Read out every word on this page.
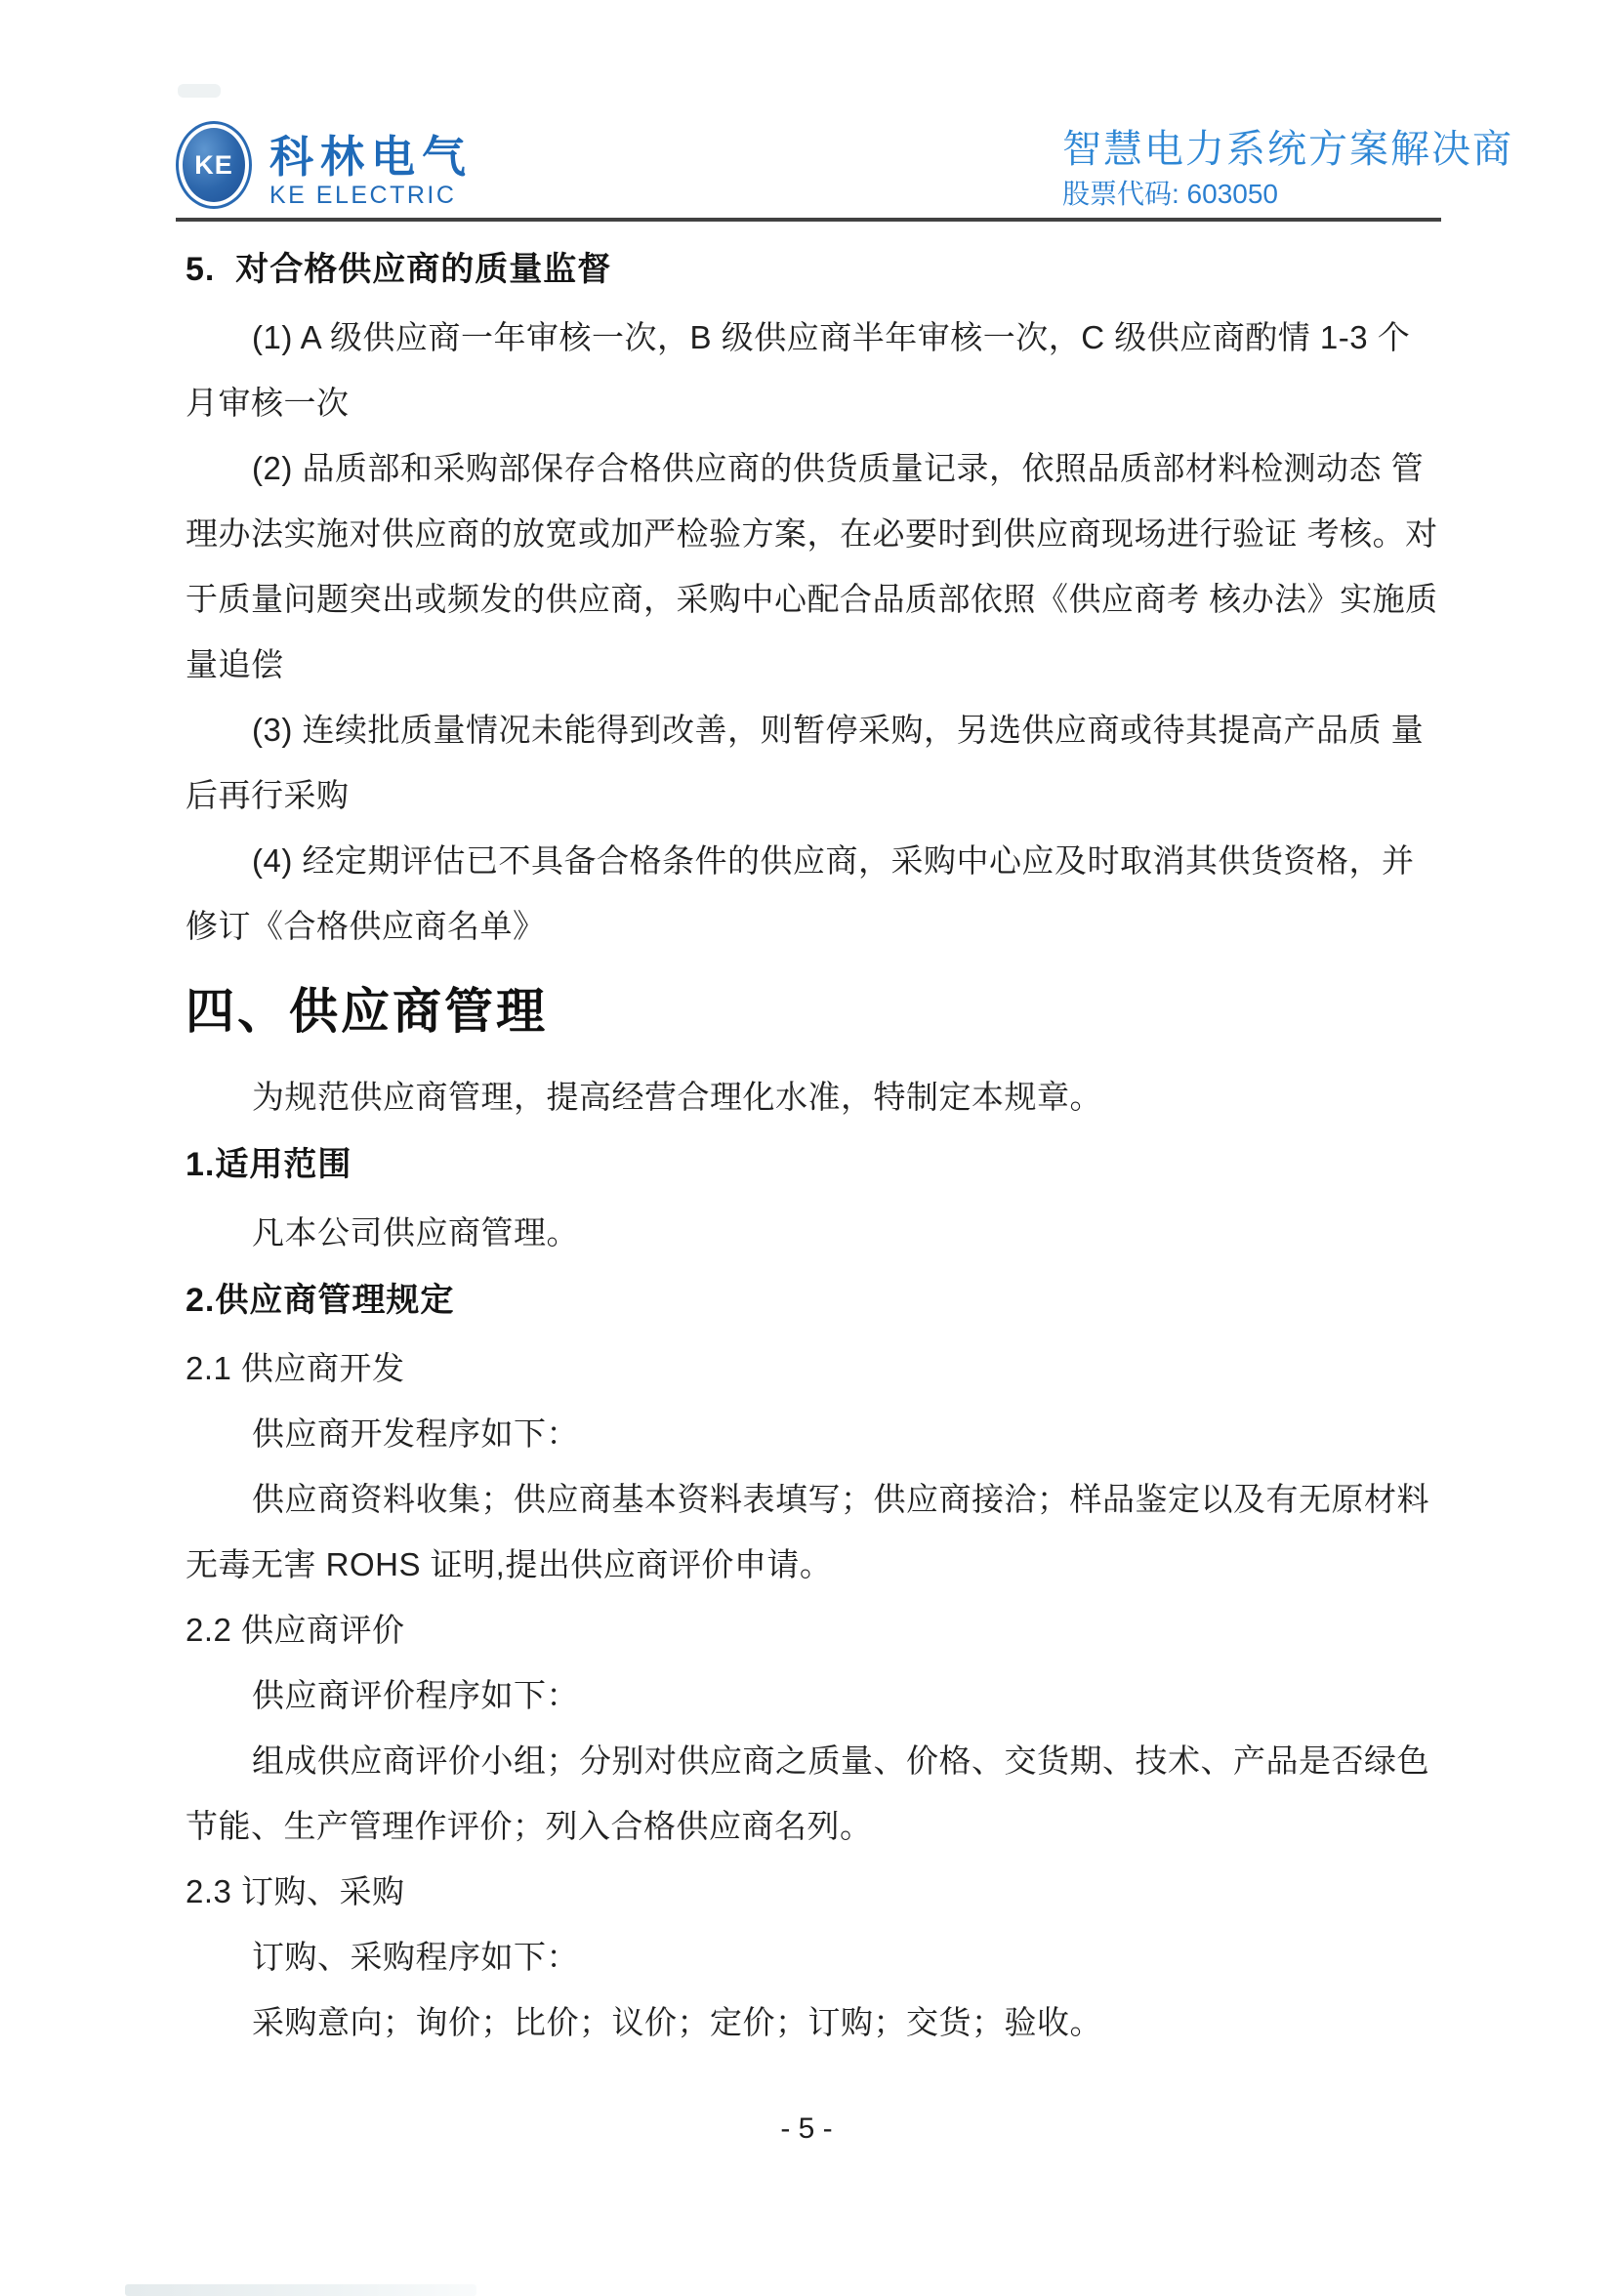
KE 科林电气
KE ELECTRIC
智慧电力系统方案解决商
股票代码: 603050
5.  对合格供应商的质量监督
(1) A 级供应商一年审核一次，B 级供应商半年审核一次，C 级供应商酌情 1-3 个
月审核一次
(2) 品质部和采购部保存合格供应商的供货质量记录，依照品质部材料检测动态 管
理办法实施对供应商的放宽或加严检验方案，在必要时到供应商现场进行验证 考核。对
于质量问题突出或频发的供应商，采购中心配合品质部依照《供应商考 核办法》实施质
量追偿
(3) 连续批质量情况未能得到改善，则暂停采购，另选供应商或待其提高产品质 量
后再行采购
(4) 经定期评估已不具备合格条件的供应商，采购中心应及时取消其供货资格，并
修订《合格供应商名单》
四、供应商管理
为规范供应商管理，提高经营合理化水准，特制定本规章。
1.适用范围
凡本公司供应商管理。
2.供应商管理规定
2.1 供应商开发
供应商开发程序如下：
供应商资料收集；供应商基本资料表填写；供应商接洽；样品鉴定以及有无原材料
无毒无害 ROHS 证明,提出供应商评价申请。
2.2 供应商评价
供应商评价程序如下：
组成供应商评价小组；分别对供应商之质量、价格、交货期、技术、产品是否绿色
节能、生产管理作评价；列入合格供应商名列。
2.3 订购、采购
订购、采购程序如下：
采购意向；询价；比价；议价；定价；订购；交货；验收。
- 5 -
